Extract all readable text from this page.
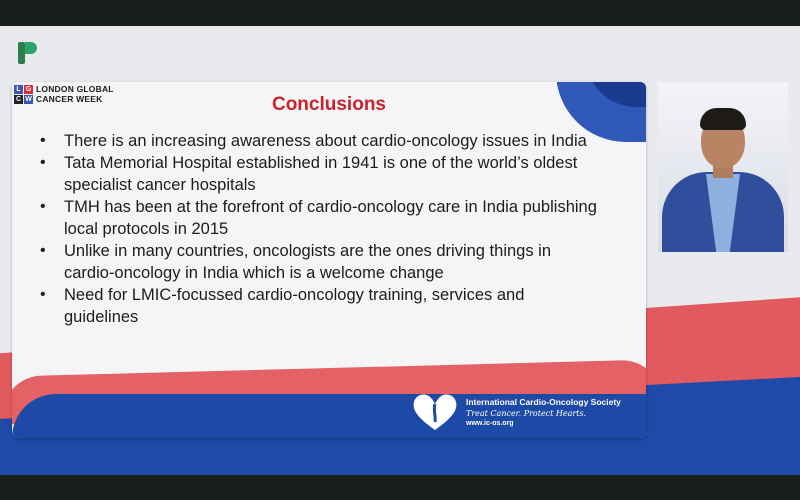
L G
C W
LONDON GLOBAL
CANCER WEEK	Conclusions
• There is an increasing awareness about cardio-oncology issues in India
• Tata Memorial Hospital established in 1941 is one of the world’s oldest specialist cancer hospitals
• TMH has been at the forefront of cardio-oncology care in India publishing local protocols in 2015
• Unlike in many countries, oncologists are the ones driving things in cardio-oncology in India which is a welcome change
• Need for LMIC-focussed cardio-oncology training, services and guidelines
International Cardio-Oncology Society
Treat Cancer. Protect Hearts.
www.ic-os.org
